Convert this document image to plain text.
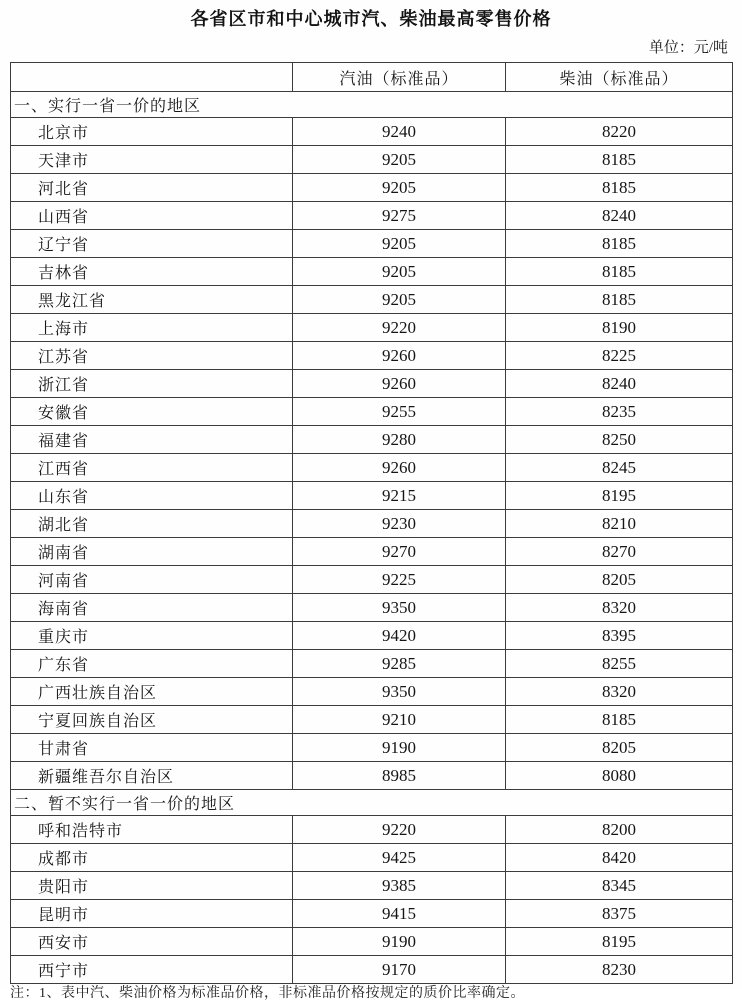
各省区市和中心城市汽、柴油最高零售价格
单位：元/吨
	汽油（标准品）	柴油（标准品）
一、实行一省一价的地区		
北京市	9240	8220
天津市	9205	8185
河北省	9205	8185
山西省	9275	8240
辽宁省	9205	8185
吉林省	9205	8185
黑龙江省	9205	8185
上海市	9220	8190
江苏省	9260	8225
浙江省	9260	8240
安徽省	9255	8235
福建省	9280	8250
江西省	9260	8245
山东省	9215	8195
湖北省	9230	8210
湖南省	9270	8270
河南省	9225	8205
海南省	9350	8320
重庆市	9420	8395
广东省	9285	8255
广西壮族自治区	9350	8320
宁夏回族自治区	9210	8185
甘肃省	9190	8205
新疆维吾尔自治区	8985	8080
二、暂不实行一省一价的地区		
呼和浩特市	9220	8200
成都市	9425	8420
贵阳市	9385	8345
昆明市	9415	8375
西安市	9190	8195
西宁市	9170	8230
注：1、表中汽、柴油价格为标准品价格，非标准品价格按规定的质价比率确定。
